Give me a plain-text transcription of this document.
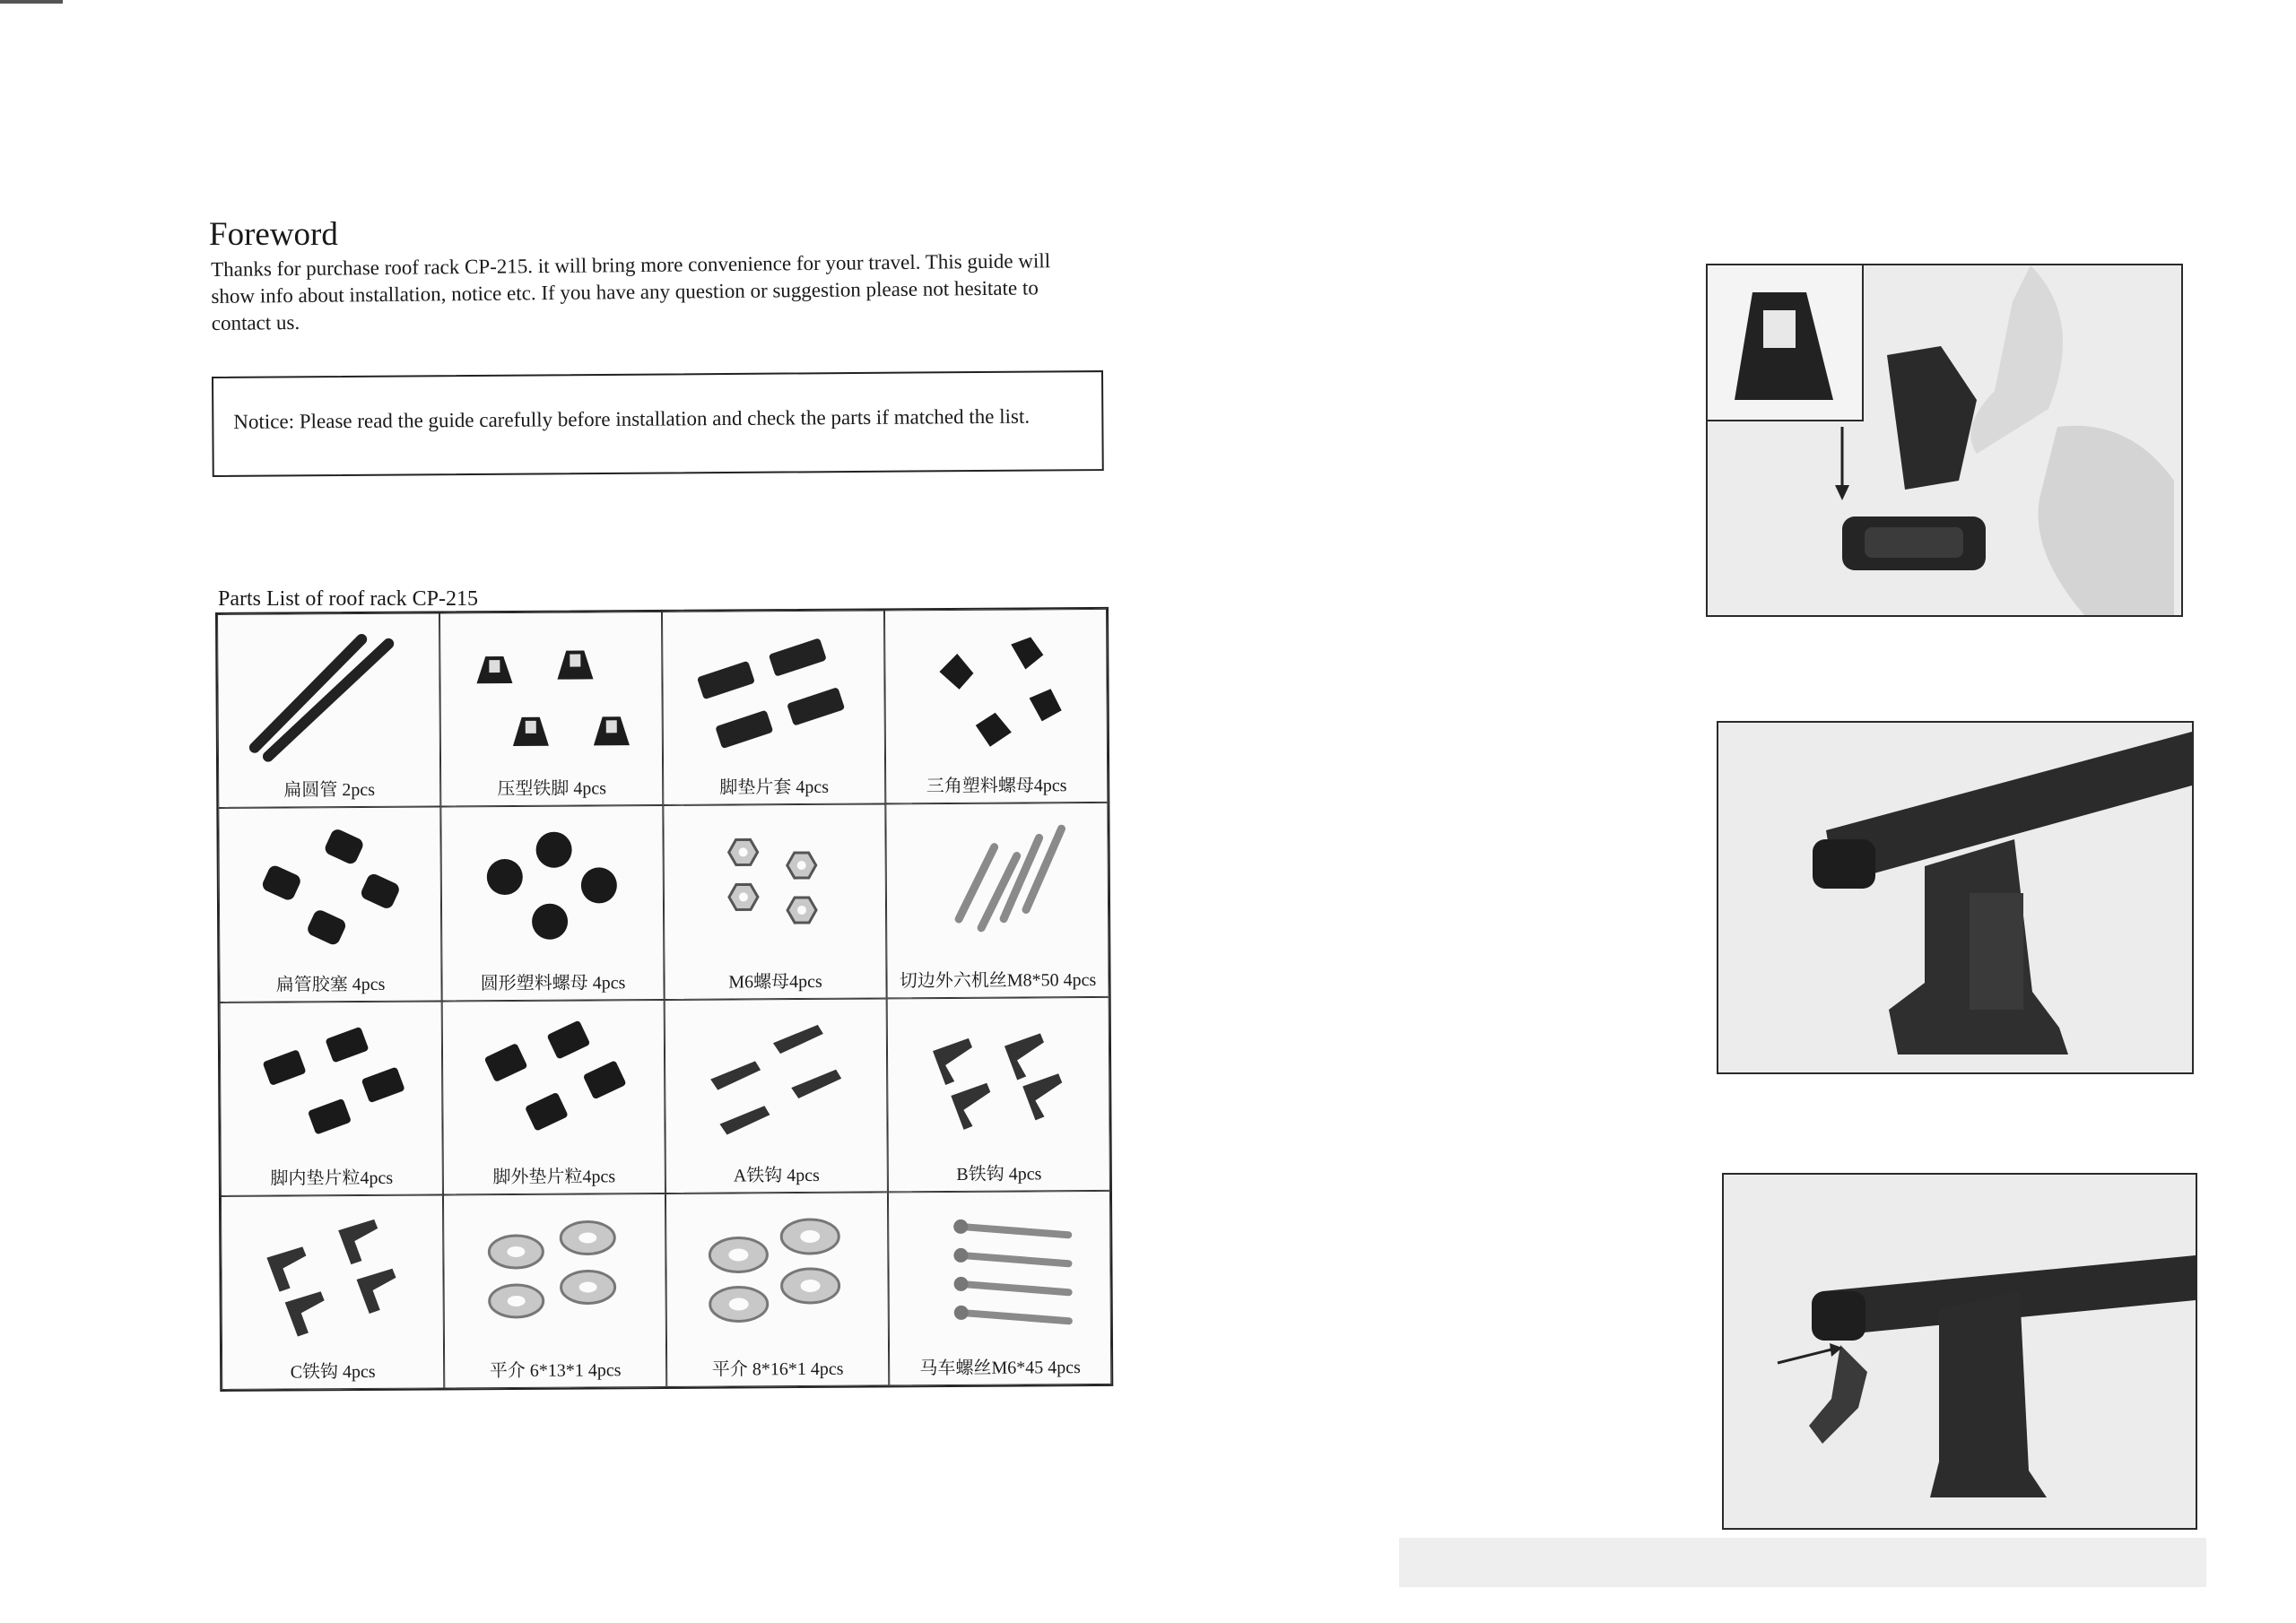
Foreword
Thanks for purchase roof rack CP-215. it will bring more convenience for your travel. This guide will show info about installation, notice etc. If you have any question or suggestion please not hesitate to contact us.
Notice: Please read the guide carefully before installation and check the parts if matched the list.
Parts List of roof rack CP-215
扁圆管 2pcs	压型铁脚 4pcs	脚垫片套 4pcs	三角塑料螺母4pcs
扁管胶塞 4pcs	圆形塑料螺母 4pcs	M6螺母4pcs	切边外六机丝M8*50 4pcs
脚内垫片粒4pcs	脚外垫片粒4pcs	A铁钩 4pcs	B铁钩 4pcs
C铁钩 4pcs	平介 6*13*1 4pcs	平介 8*16*1 4pcs	马车螺丝M6*45 4pcs
